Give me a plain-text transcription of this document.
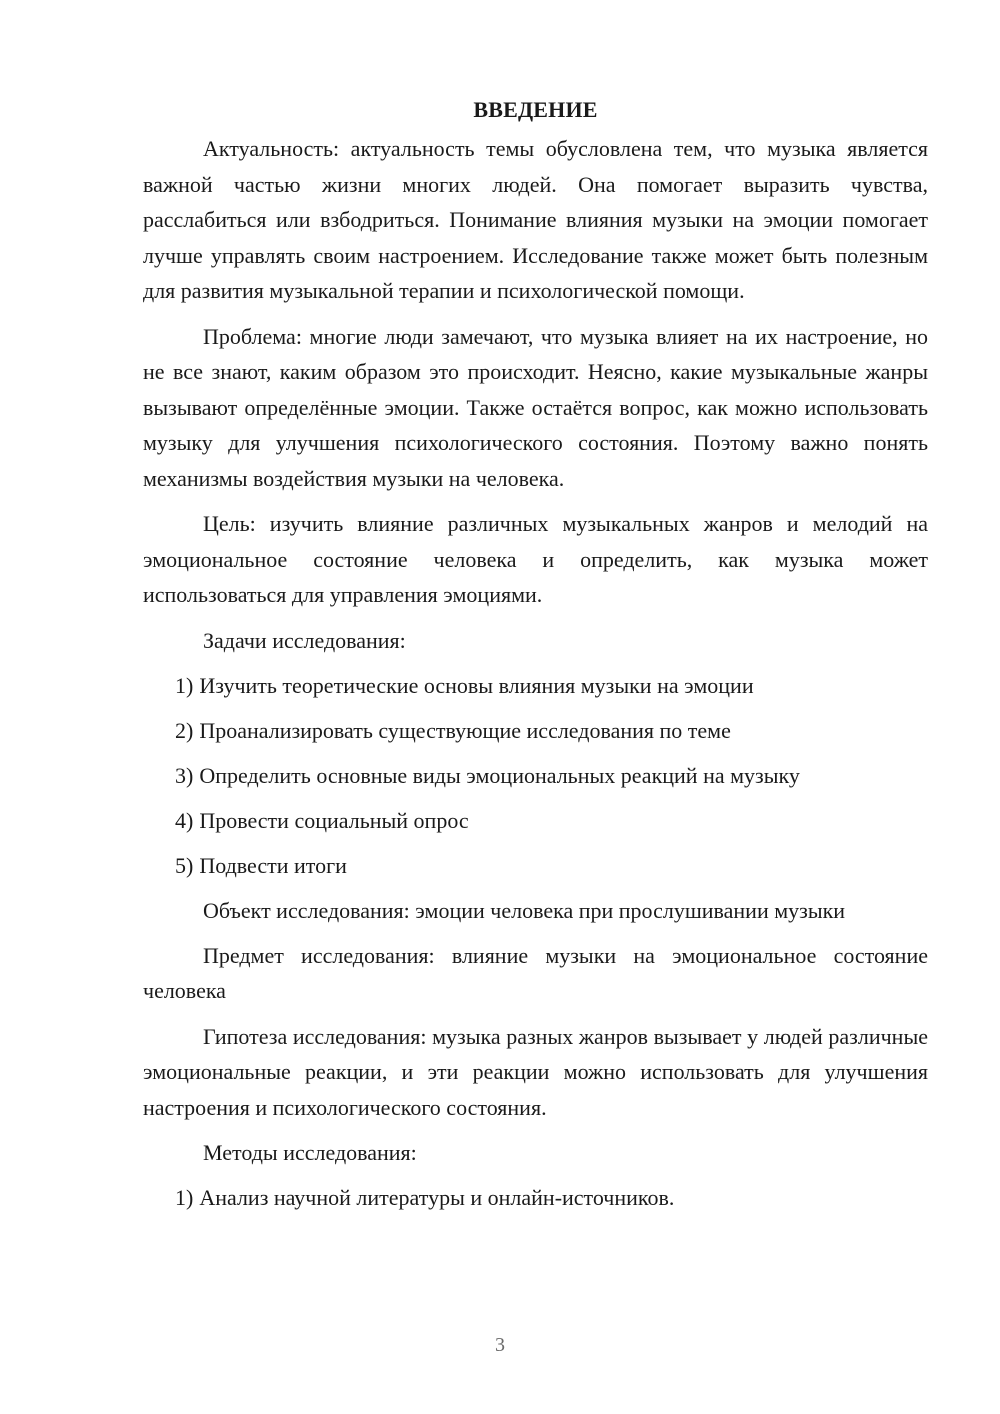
ВВЕДЕНИЕ

Актуальность: актуальность темы обусловлена тем, что музыка является важной частью жизни многих людей. Она помогает выразить чувства, расслабиться или взбодриться. Понимание влияния музыки на эмоции помогает лучше управлять своим настроением. Исследование также может быть полезным для развития музыкальной терапии и психологической помощи.

Проблема: многие люди замечают, что музыка влияет на их настроение, но не все знают, каким образом это происходит. Неясно, какие музыкальные жанры вызывают определённые эмоции. Также остаётся вопрос, как можно использовать музыку для улучшения психологического состояния. Поэтому важно понять механизмы воздействия музыки на человека.

Цель: изучить влияние различных музыкальных жанров и мелодий на эмоциональное состояние человека и определить, как музыка может использоваться для управления эмоциями.

Задачи исследования:
1) Изучить теоретические основы влияния музыки на эмоции
2) Проанализировать существующие исследования по теме
3) Определить основные виды эмоциональных реакций на музыку
4) Провести социальный опрос
5) Подвести итоги
Объект исследования: эмоции человека при прослушивании музыки

Предмет исследования: влияние музыки на эмоциональное состояние человека

Гипотеза исследования: музыка разных жанров вызывает у людей различные эмоциональные реакции, и эти реакции можно использовать для улучшения настроения и психологического состояния.

Методы исследования:
1) Анализ научной литературы и онлайн-источников.
3
